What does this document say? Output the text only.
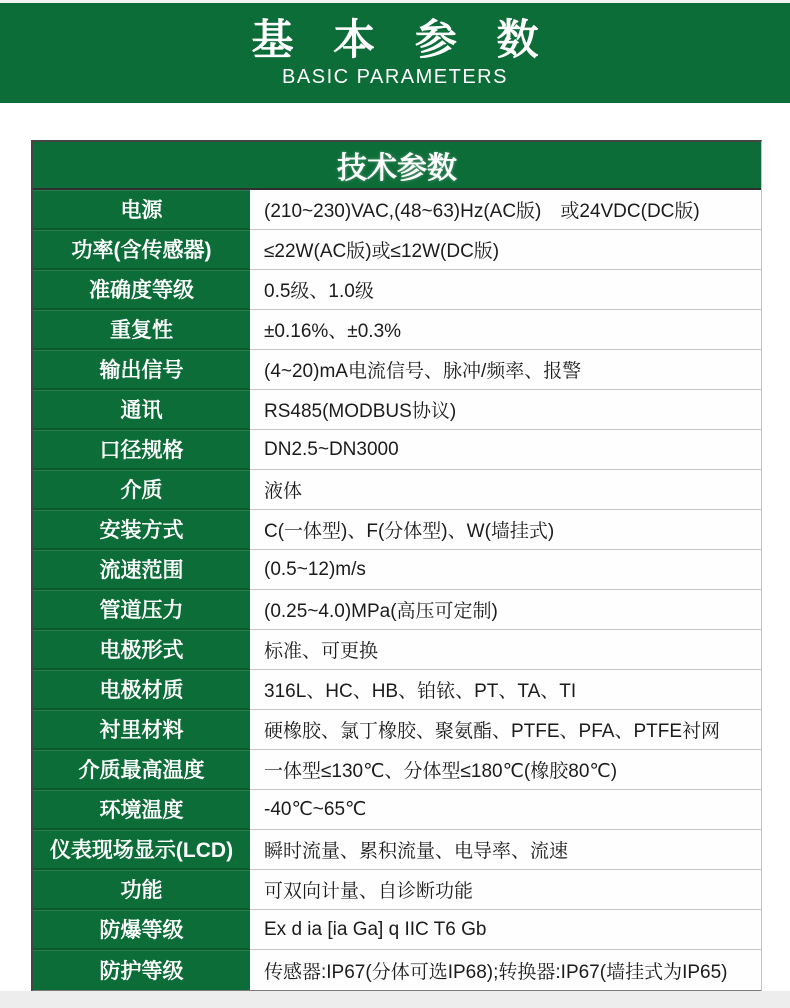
基 本 参 数
BASIC PARAMETERS
技术参数
电源	(210~230)VAC,(48~63)Hz(AC版)　或24VDC(DC版)
功率(含传感器)	≤22W(AC版)或≤12W(DC版)
准确度等级	0.5级、1.0级
重复性	±0.16%、±0.3%
输出信号	(4~20)mA电流信号、脉冲/频率、报警
通讯	RS485(MODBUS协议)
口径规格	DN2.5~DN3000
介质	液体
安装方式	C(一体型)、F(分体型)、W(墙挂式)
流速范围	(0.5~12)m/s
管道压力	(0.25~4.0)MPa(高压可定制)
电极形式	标准、可更换
电极材质	316L、HC、HB、铂铱、PT、TA、TI
衬里材料	硬橡胶、氯丁橡胶、聚氨酯、PTFE、PFA、PTFE衬网
介质最高温度	一体型≤130℃、分体型≤180℃(橡胶80℃)
环境温度	-40℃~65℃
仪表现场显示(LCD)	瞬时流量、累积流量、电导率、流速
功能	可双向计量、自诊断功能
防爆等级	Ex d ia [ia Ga] q IIC T6 Gb
防护等级	传感器:IP67(分体可选IP68);转换器:IP67(墙挂式为IP65)
